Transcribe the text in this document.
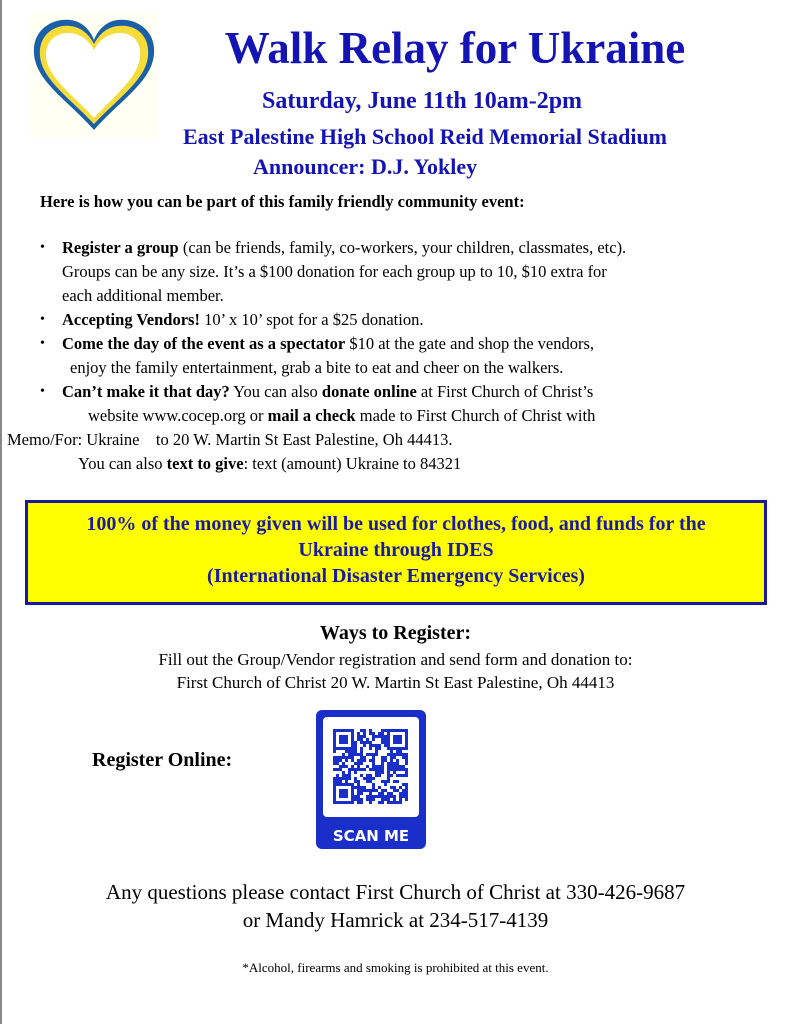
Walk Relay for Ukraine
Saturday, June 11th 10am-2pm
East Palestine High School Reid Memorial Stadium
Announcer: D.J. Yokley
Here is how you can be part of this family friendly community event:
• Register a group (can be friends, family, co-workers, your children, classmates, etc).
Groups can be any size. It’s a $100 donation for each group up to 10, $10 extra for
each additional member.
• Accepting Vendors! 10’ x 10’ spot for a $25 donation.
• Come the day of the event as a spectator $10 at the gate and shop the vendors,
enjoy the family entertainment, grab a bite to eat and cheer on the walkers.
• Can’t make it that day? You can also donate online at First Church of Christ’s
website www.cocep.org or mail a check made to First Church of Christ with
Memo/For: Ukraine    to 20 W. Martin St East Palestine, Oh 44413.
You can also text to give: text (amount) Ukraine to 84321
100% of the money given will be used for clothes, food, and funds for the
Ukraine through IDES
(International Disaster Emergency Services)
Ways to Register:
Fill out the Group/Vendor registration and send form and donation to:
First Church of Christ 20 W. Martin St East Palestine, Oh 44413
Register Online:
SCAN ME
Any questions please contact First Church of Christ at 330-426-9687
or Mandy Hamrick at 234-517-4139
*Alcohol, firearms and smoking is prohibited at this event.
